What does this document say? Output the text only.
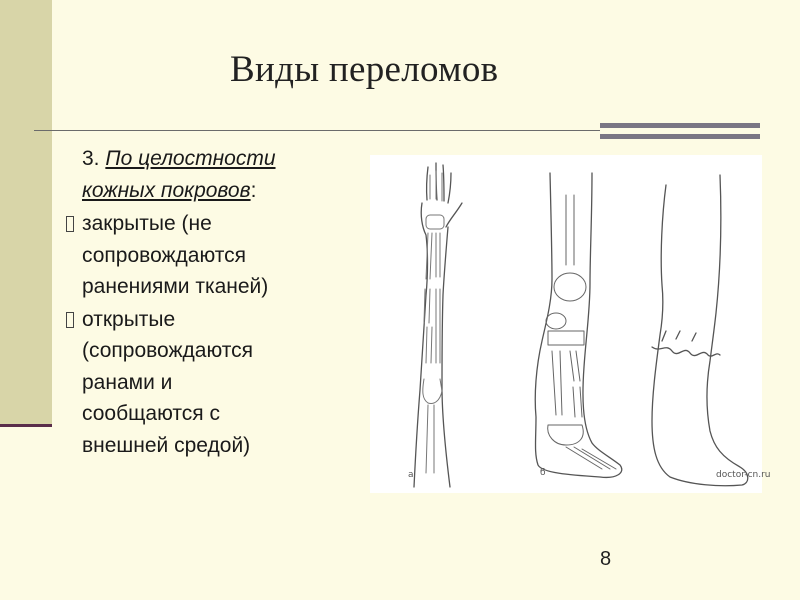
Виды переломов
3. По целостности
кожных покровов:
закрытые (не
сопровождаются
ранениями тканей)
открытые
(сопровождаются
ранами и
сообщаются с
внешней средой)
а	б	doctor-cn.ru
8
